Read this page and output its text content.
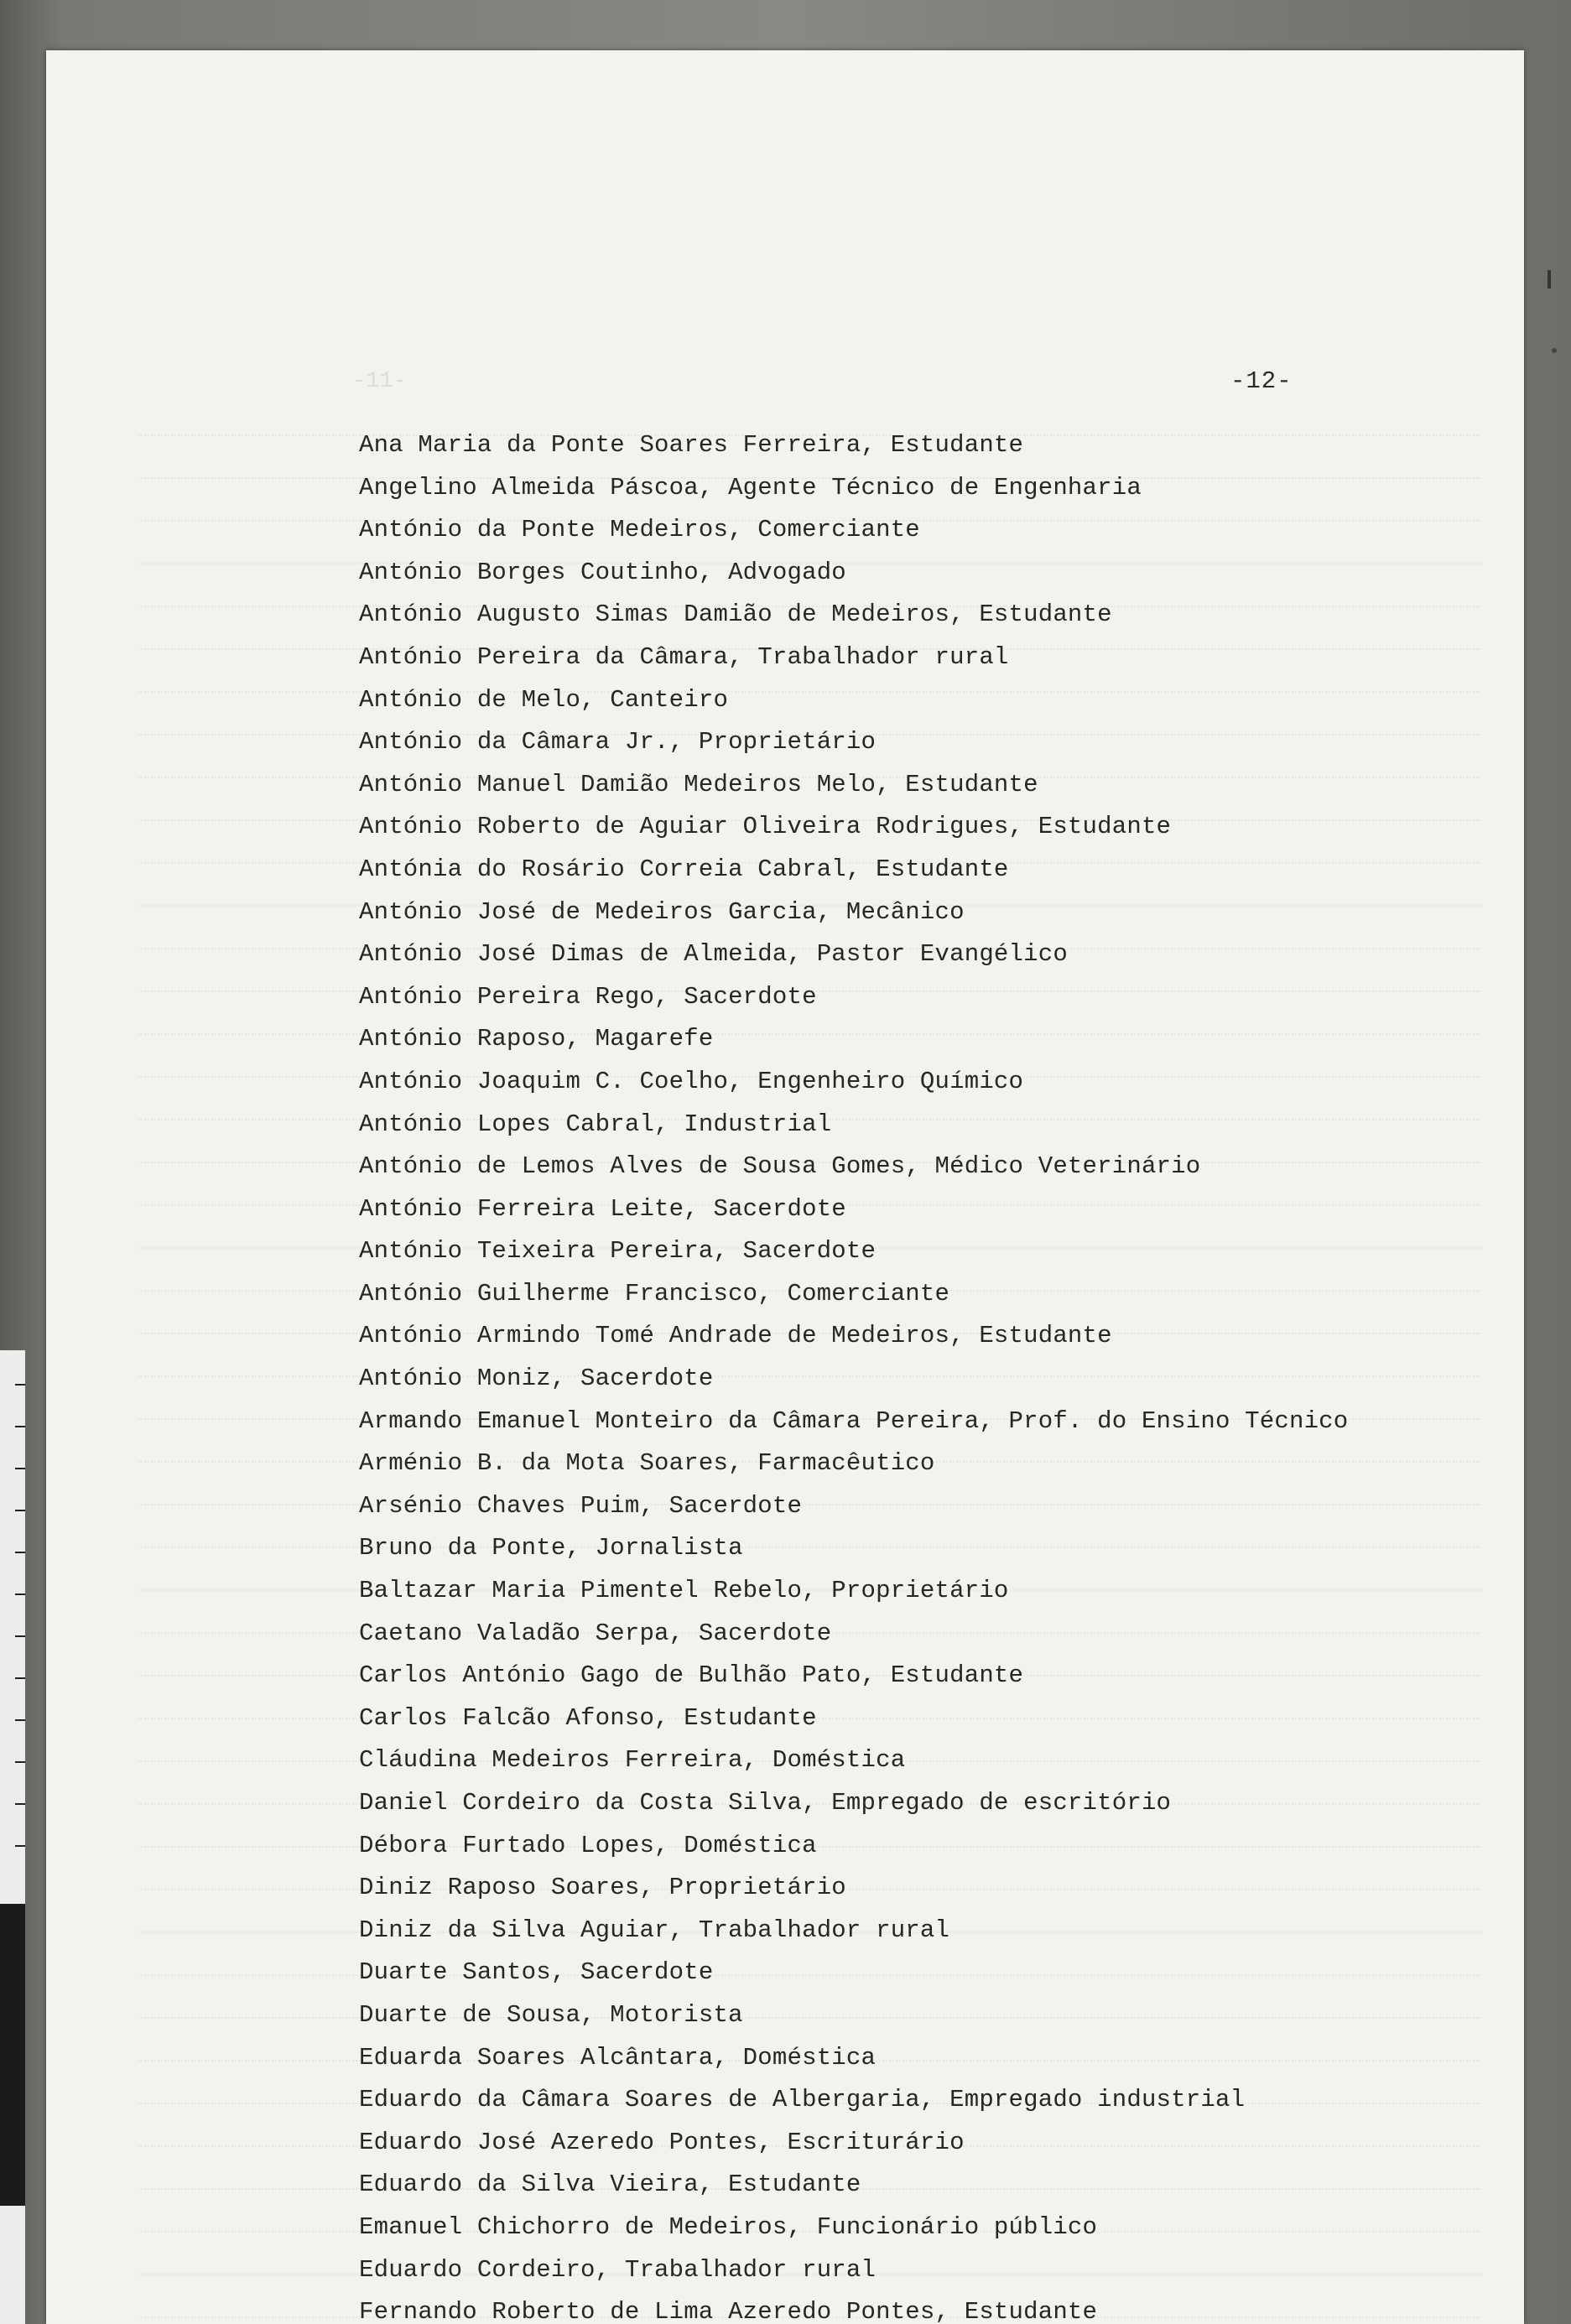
-11-	-12-
Ana Maria da Ponte Soares Ferreira, Estudante
Angelino Almeida Páscoa, Agente Técnico de Engenharia
António da Ponte Medeiros, Comerciante
António Borges Coutinho, Advogado
António Augusto Simas Damião de Medeiros, Estudante
António Pereira da Câmara, Trabalhador rural
António de Melo, Canteiro
António da Câmara Jr., Proprietário
António Manuel Damião Medeiros Melo, Estudante
António Roberto de Aguiar Oliveira Rodrigues, Estudante
Antónia do Rosário Correia Cabral, Estudante
António José de Medeiros Garcia, Mecânico
António José Dimas de Almeida, Pastor Evangélico
António Pereira Rego, Sacerdote
António Raposo, Magarefe
António Joaquim C. Coelho, Engenheiro Químico
António Lopes Cabral, Industrial
António de Lemos Alves de Sousa Gomes, Médico Veterinário
António Ferreira Leite, Sacerdote
António Teixeira Pereira, Sacerdote
António Guilherme Francisco, Comerciante
António Armindo Tomé Andrade de Medeiros, Estudante
António Moniz, Sacerdote
Armando Emanuel Monteiro da Câmara Pereira, Prof. do Ensino Técnico
Arménio B. da Mota Soares, Farmacêutico
Arsénio Chaves Puim, Sacerdote
Bruno da Ponte, Jornalista
Baltazar Maria Pimentel Rebelo, Proprietário
Caetano Valadão Serpa, Sacerdote
Carlos António Gago de Bulhão Pato, Estudante
Carlos Falcão Afonso, Estudante
Cláudina Medeiros Ferreira, Doméstica
Daniel Cordeiro da Costa Silva, Empregado de escritório
Débora Furtado Lopes, Doméstica
Diniz Raposo Soares, Proprietário
Diniz da Silva Aguiar, Trabalhador rural
Duarte Santos, Sacerdote
Duarte de Sousa, Motorista
Eduarda Soares Alcântara, Doméstica
Eduardo da Câmara Soares de Albergaria, Empregado industrial
Eduardo José Azeredo Pontes, Escriturário
Eduardo da Silva Vieira, Estudante
Emanuel Chichorro de Medeiros, Funcionário público
Eduardo Cordeiro, Trabalhador rural
Fernando Roberto de Lima Azeredo Pontes, Estudante
